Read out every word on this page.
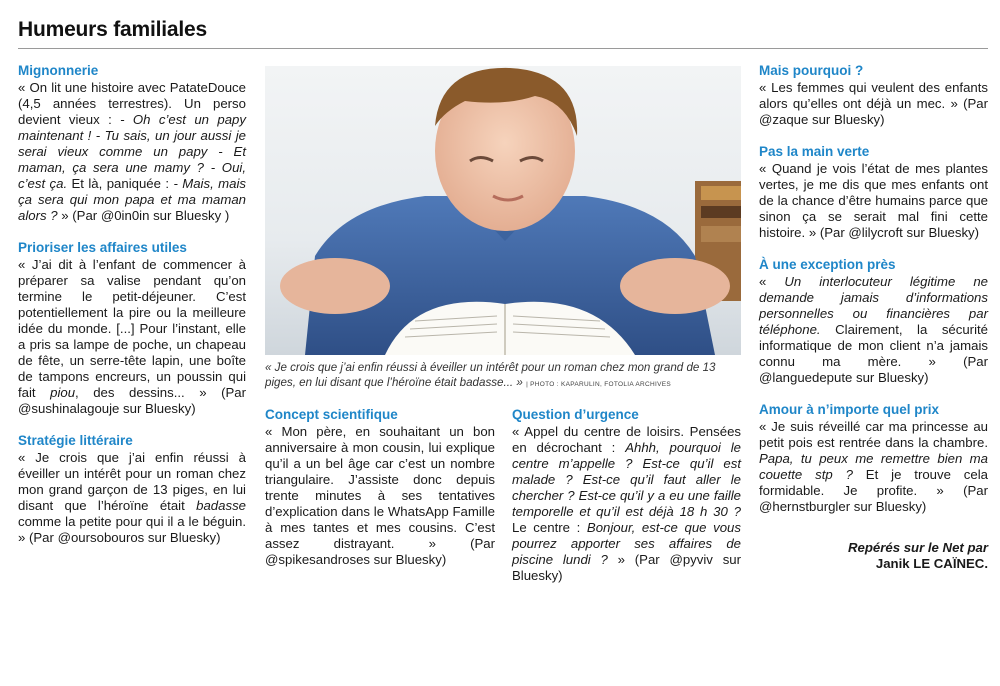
Humeurs familiales
Mignonnerie

« On lit une histoire avec PatateDouce (4,5 années terrestres). Un perso devient vieux : - Oh c’est un papy maintenant ! - Tu sais, un jour aussi je serai vieux comme un papy - Et maman, ça sera une mamy ? - Oui, c’est ça. Et là, paniquée : - Mais, mais ça sera qui mon papa et ma maman alors ? » (Par @0in0in sur Bluesky )

Prioriser les affaires utiles

« J’ai dit à l’enfant de commencer à préparer sa valise pendant qu’on termine le petit-déjeuner. C’est potentiellement la pire ou la meilleure idée du monde. [...] Pour l’instant, elle a pris sa lampe de poche, un chapeau de fête, un serre-tête lapin, une boîte de tampons encreurs, un poussin qui fait piou, des dessins... » (Par @sushinalagouje sur Bluesky)

Stratégie littéraire

« Je crois que j’ai enfin réussi à éveiller un intérêt pour un roman chez mon grand garçon de 13 piges, en lui disant que l’héroïne était badasse comme la petite pour qui il a le béguin. » (Par @oursobouros sur Bluesky)

« Je crois que j’ai enfin réussi à éveiller un intérêt pour un roman chez mon grand de 13 piges, en lui disant que l’héroïne était badasse... » | PHOTO : KAPARULIN, FOTOLIA ARCHIVES
Concept scientifique

« Mon père, en souhaitant un bon anniversaire à mon cousin, lui explique qu’il a un bel âge car c’est un nombre triangulaire. J’assiste donc depuis trente minutes à ses tentatives d’explication dans le WhatsApp Famille à mes tantes et mes cousins. C’est assez distrayant. » (Par @spikesandroses sur Bluesky)

Question d’urgence

« Appel du centre de loisirs. Pensées en décrochant : Ahhh, pourquoi le centre m’appelle ? Est-ce qu’il est malade ? Est-ce qu’il faut aller le chercher ? Est-ce qu’il y a eu une faille temporelle et qu’il est déjà 18 h 30 ? Le centre : Bonjour, est-ce que vous pourrez apporter ses affaires de piscine lundi ? » (Par @pyviv sur Bluesky)

Mais pourquoi ?

« Les femmes qui veulent des enfants alors qu’elles ont déjà un mec. » (Par @zaque sur Bluesky)

Pas la main verte

« Quand je vois l’état de mes plantes vertes, je me dis que mes enfants ont de la chance d’être humains parce que sinon ça se serait mal fini cette histoire. » (Par @lilycroft sur Bluesky)

À une exception près

« Un interlocuteur légitime ne demande jamais d’informations personnelles ou financières par téléphone. Clairement, la sécurité informatique de mon client n’a jamais connu ma mère. » (Par @languedepute sur Bluesky)

Amour à n’importe quel prix

« Je suis réveillé car ma princesse au petit pois est rentrée dans la chambre. Papa, tu peux me remettre bien ma couette stp ? Et je trouve cela formidable. Je profite. » (Par @hernstburgler sur Bluesky)

Repérés sur le Net par
Janik LE CAÏNEC.
